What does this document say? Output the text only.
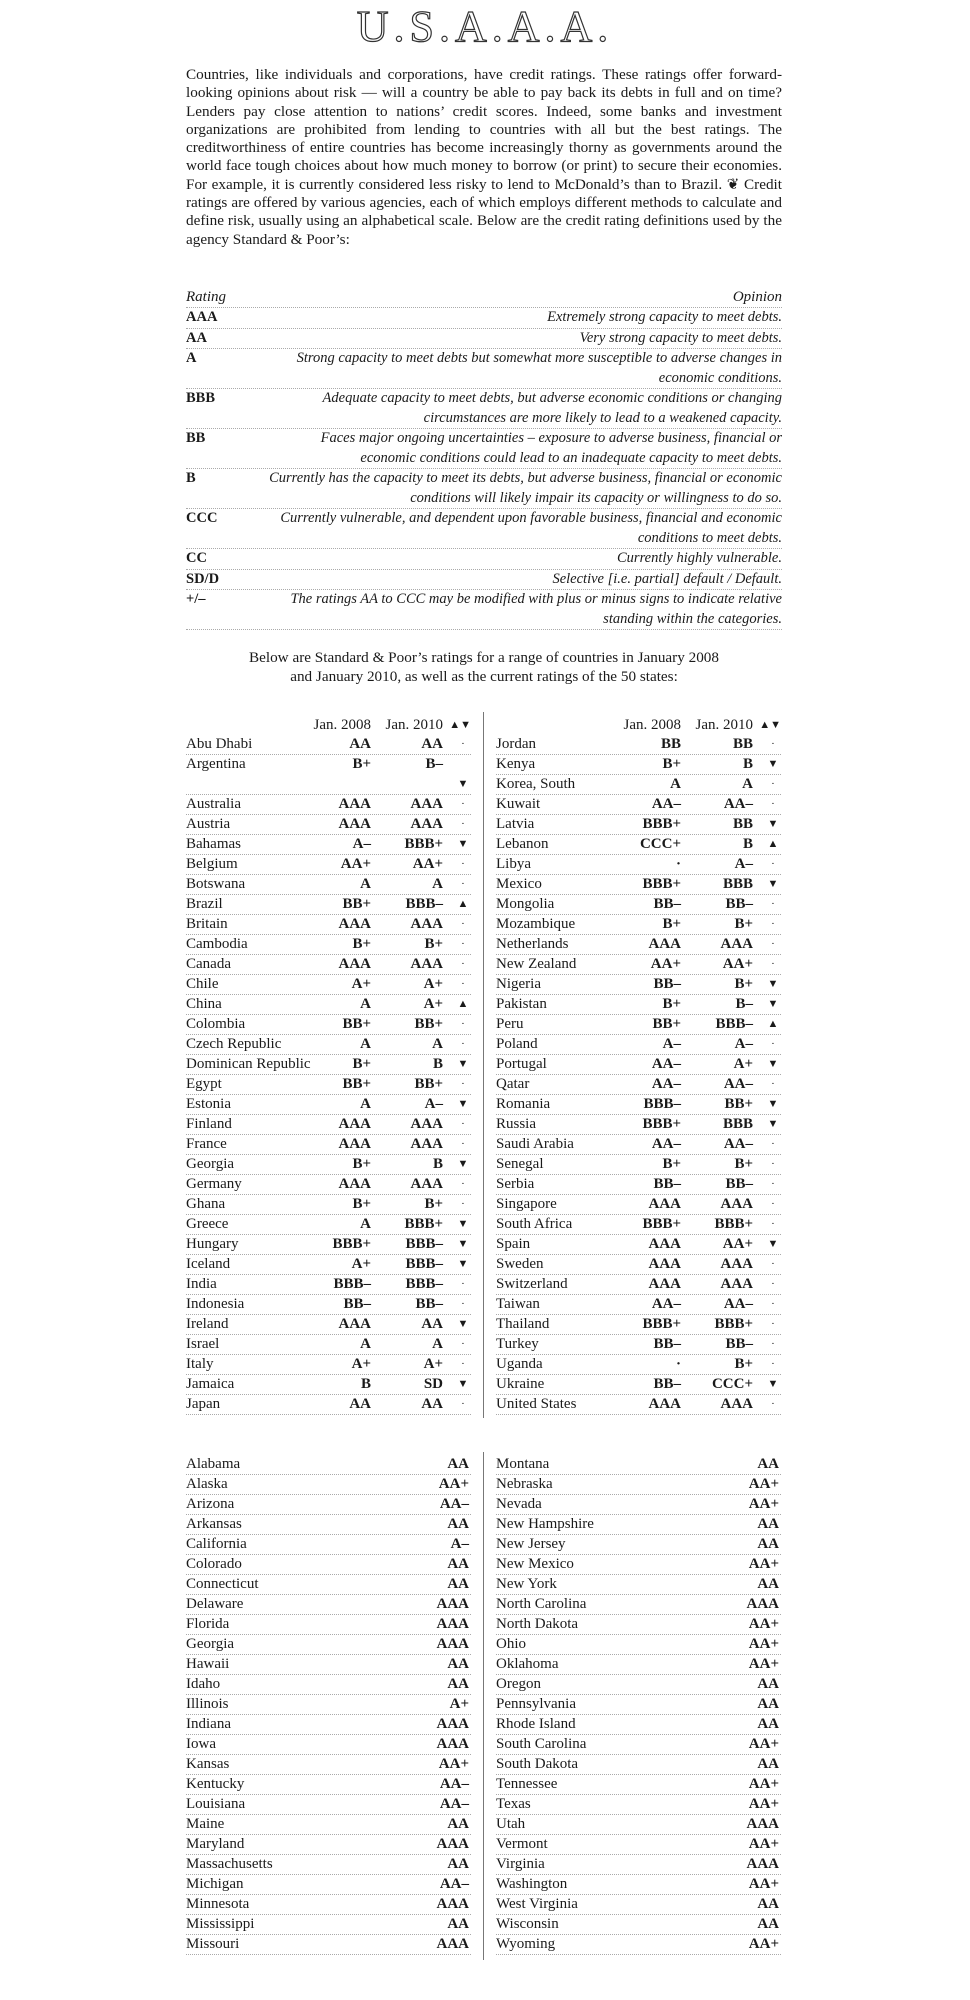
U.S.A.A.A.

Countries, like individuals and corporations, have credit ratings. These ratings offer forward-looking opinions about risk — will a country be able to pay back its debts in full and on time? Lenders pay close attention to nations’ credit scores. Indeed, some banks and investment organizations are prohibited from lending to countries with all but the best ratings. The creditworthiness of entire countries has become increasingly thorny as governments around the world face tough choices about how much money to borrow (or print) to secure their economies. For example, it is currently considered less risky to lend to McDonald’s than to Brazil. ❦ Credit ratings are offered by various agencies, each of which employs different methods to calculate and define risk, usually using an alphabetical scale. Below are the credit rating definitions used by the agency Standard & Poor’s:

Rating	Opinion
AAA	Extremely strong capacity to meet debts.
AA	Very strong capacity to meet debts.
A	Strong capacity to meet debts but somewhat more susceptible to adverse changes in economic conditions.
BBB	Adequate capacity to meet debts, but adverse economic conditions or changing circumstances are more likely to lead to a weakened capacity.
BB	Faces major ongoing uncertainties – exposure to adverse business, financial or economic conditions could lead to an inadequate capacity to meet debts.
B	Currently has the capacity to meet its debts, but adverse business, financial or economic conditions will likely impair its capacity or willingness to do so.
CCC	Currently vulnerable, and dependent upon favorable business, financial and economic conditions to meet debts.
CC	Currently highly vulnerable.
SD/D	Selective [i.e. partial] default / Default.
+/–	The ratings AA to CCC may be modified with plus or minus signs to indicate relative standing within the categories.
Below are Standard & Poor’s ratings for a range of countries in January 2008
and January 2010, as well as the current ratings of the 50 states:
Jan. 2008 Jan. 2010 ▲▼
Abu Dhabi	AA	AA	·
Argentina	B+	B–
▼
Australia	AAA	AAA	·
Austria	AAA	AAA	·
Bahamas	A– BBB+ ▼
Belgium	AA+	AA+	·
Botswana	A	A	·
Brazil	BB+ BBB– ▲
Britain	AAA	AAA	·
Cambodia	B+	B+	·
Canada	AAA	AAA	·
Chile	A+	A+	·
China	A	A+ ▲
Colombia	BB+	BB+	·
Czech Republic	A	A	·
Dominican Republic	B+	B ▼
Egypt	BB+	BB+	·
Estonia	A	A– ▼
Finland	AAA	AAA	·
France	AAA	AAA	·
Georgia	B+	B ▼
Germany	AAA	AAA	·
Ghana	B+	B+	·
Greece	A BBB+ ▼
Hungary	BBB+ BBB– ▼
Iceland	A+ BBB– ▼
India	BBB– BBB–	·
Indonesia	BB–	BB–	·
Ireland	AAA	AA ▼
Israel	A	A	·
Italy	A+	A+	·
Jamaica	B	SD ▼
Japan	AA	AA	·
Jan. 2008 Jan. 2010 ▲▼
Jordan	BB	BB	·
Kenya	B+	B ▼
Korea, South	A	A	·
Kuwait	AA–	AA–	·
Latvia	BBB+	BB ▼
Lebanon	CCC+	B ▲
Libya	·	A–	·
Mexico	BBB+	BBB ▼
Mongolia	BB–	BB–	·
Mozambique	B+	B+	·
Netherlands	AAA	AAA	·
New Zealand	AA+	AA+	·
Nigeria	BB–	B+ ▼
Pakistan	B+	B– ▼
Peru	BB+ BBB– ▲
Poland	A–	A–	·
Portugal	AA–	A+ ▼
Qatar	AA–	AA–	·
Romania	BBB–	BB+ ▼
Russia	BBB+	BBB ▼
Saudi Arabia	AA–	AA–	·
Senegal	B+	B+	·
Serbia	BB–	BB–	·
Singapore	AAA	AAA	·
South Africa	BBB+ BBB+	·
Spain	AAA	AA+ ▼
Sweden	AAA	AAA	·
Switzerland	AAA	AAA	·
Taiwan	AA–	AA–	·
Thailand	BBB+ BBB+	·
Turkey	BB–	BB–	·
Uganda	·	B+	·
Ukraine	BB– CCC+ ▼
United States	AAA	AAA	·
Alabama	AA
Alaska	AA+
Arizona	AA–
Arkansas	AA
California	A–
Colorado	AA
Connecticut	AA
Delaware	AAA
Florida	AAA
Georgia	AAA
Hawaii	AA
Idaho	AA
Illinois	A+
Indiana	AAA
Iowa	AAA
Kansas	AA+
Kentucky	AA–
Louisiana	AA–
Maine	AA
Maryland	AAA
Massachusetts	AA
Michigan	AA–
Minnesota	AAA
Mississippi	AA
Missouri	AAA
Montana	AA
Nebraska	AA+
Nevada	AA+
New Hampshire	AA
New Jersey	AA
New Mexico	AA+
New York	AA
North Carolina	AAA
North Dakota	AA+
Ohio	AA+
Oklahoma	AA+
Oregon	AA
Pennsylvania	AA
Rhode Island	AA
South Carolina	AA+
South Dakota	AA
Tennessee	AA+
Texas	AA+
Utah	AAA
Vermont	AA+
Virginia	AAA
Washington	AA+
West Virginia	AA
Wisconsin	AA
Wyoming	AA+
